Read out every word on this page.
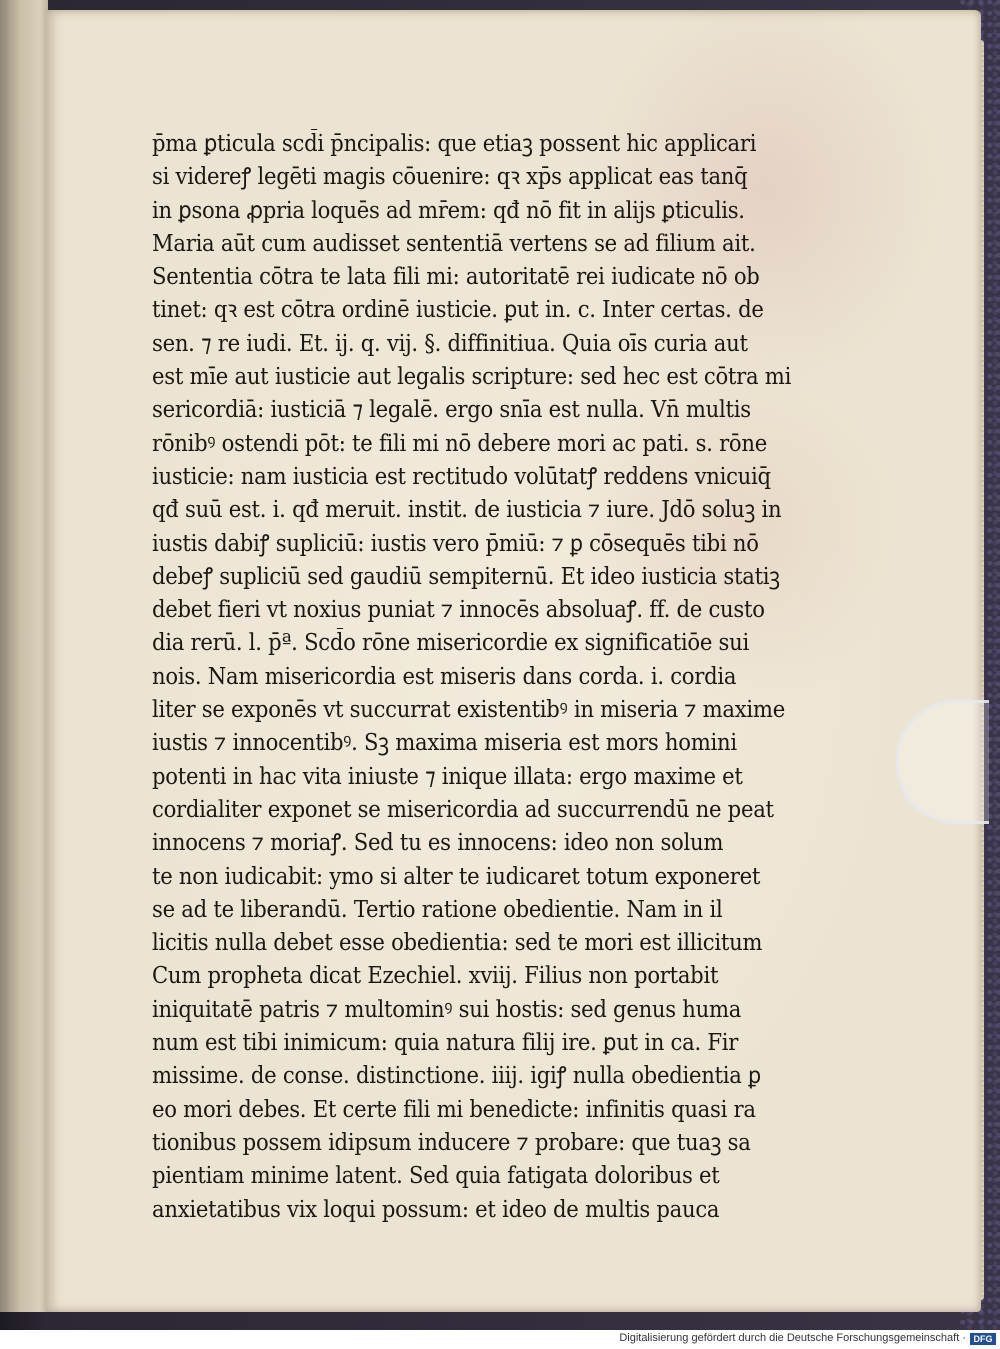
p̄ma ꝑticula scd̄i p̄ncipalis: que etiaꝫ possent hic applicari
si videreꝭ legēti magis cōuenire: qꝛ xp̄s applicat eas tanq̄
in ꝑsona ꝓpria loquēs ad mr̄em: qđ nō fit in alijs ꝑticulis.
Maria aūt cum audisset sententiā vertens se ad filium ait.
Sententia cōtra te lata fili mi: autoritatē rei iudicate nō ob
tinet: qꝛ est cōtra ordinē iusticie. ꝑut in. c. Inter certas. de
sen. ⁊ re iudi. Et. ij. q. vij. §. diffinitiua. Quia oīs curia aut
est mīe aut iusticie aut legalis scripture: sed hec est cōtra mi
sericordiā: iusticiā ⁊ legalē. ergo snīa est nulla. Vn̄ multis
rōnibꝰ ostendi pōt: te fili mi nō debere mori ac pati. s. rōne
iusticie: nam iusticia est rectitudo volūtatꝭ reddens vnicuiq̄
qđ suū est. i. qđ meruit. instit. de iusticia ⁊ iure. Jdō soluꝫ in
iustis dabiꝭ supliciū: iustis vero p̄miū: ⁊ ꝑ cōsequēs tibi nō
debeꝭ supliciū sed gaudiū sempiternū. Et ideo iusticia statiꝫ
debet fieri vt noxius puniat ⁊ innocēs absoluaꝭ. ff. de custo
dia rerū. l. p̄ª. Scd̄o rōne misericordie ex significatiōe sui
nois. Nam misericordia est miseris dans corda. i. cordia
liter se exponēs vt succurrat existentibꝰ in miseria ⁊ maxime
iustis ⁊ innocentibꝰ. Sꝫ maxima miseria est mors homini
potenti in hac vita iniuste ⁊ inique illata: ergo maxime et
cordialiter exponet se misericordia ad succurrendū ne peat
innocens ⁊ moriaꝭ. Sed tu es innocens: ideo non solum
te non iudicabit: ymo si alter te iudicaret totum exponeret
se ad te liberandū. Tertio ratione obedientie. Nam in il
licitis nulla debet esse obedientia: sed te mori est illicitum
Cum propheta dicat Ezechiel. xviij. Filius non portabit
iniquitatē patris ⁊ multominꝰ sui hostis: sed genus huma
num est tibi inimicum: quia natura filij ire. ꝑut in ca. Fir
missime. de conse. distinctione. iiij. igiꝭ nulla obedientia ꝑ
eo mori debes. Et certe fili mi benedicte: infinitis quasi ra
tionibus possem idipsum inducere ⁊ probare: que tuaꝫ sa
pientiam minime latent. Sed quia fatigata doloribus et
anxietatibus vix loqui possum: et ideo de multis pauca
Digitalisierung gefördert durch die Deutsche Forschungsgemeinschaft · DFG
